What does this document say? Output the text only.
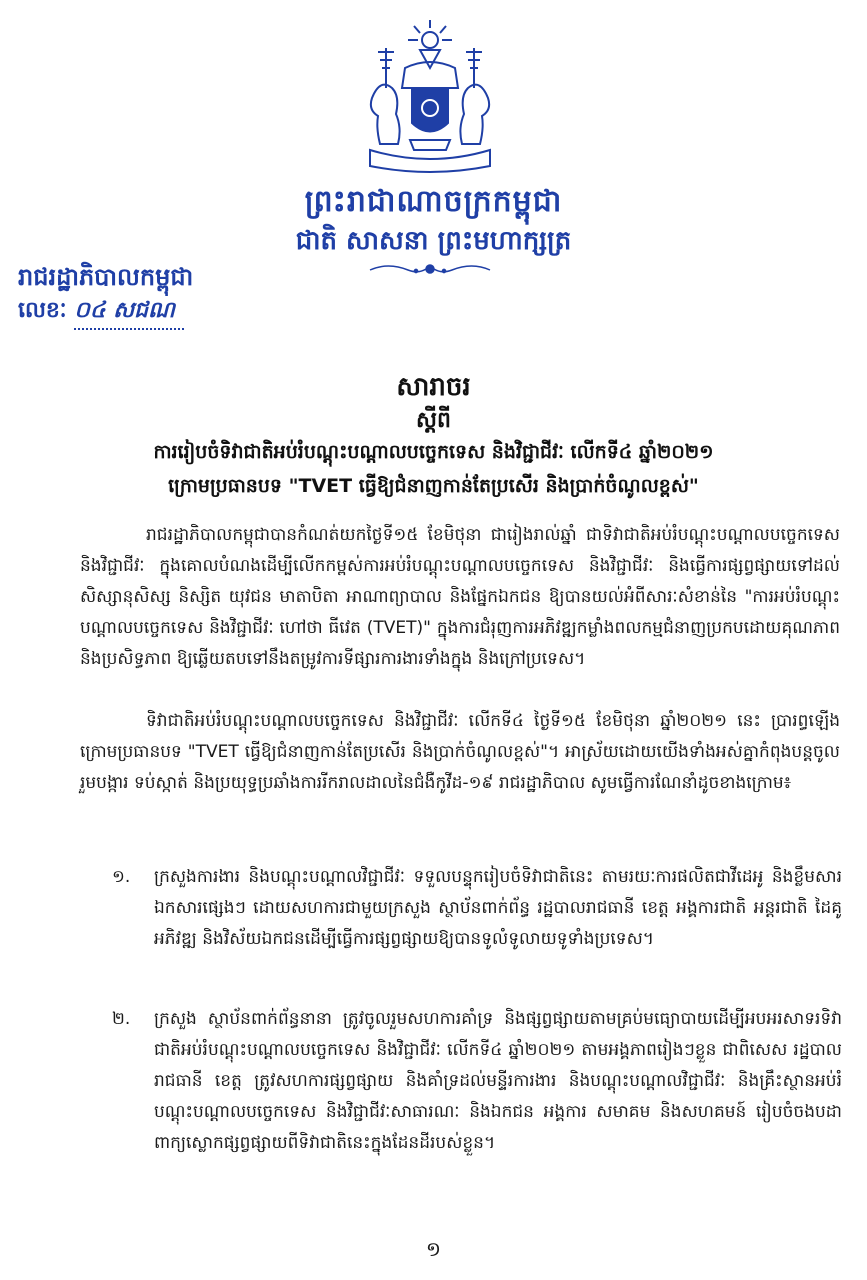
ព្រះរាជាណាចក្រកម្ពុជា
ជាតិ សាសនា ព្រះមហាក្សត្រ
រាជរដ្ឋាភិបាលកម្ពុជា
លេខៈ ០៤ សជណ
សារាចរ
ស្តីពី
ការរៀបចំទិវាជាតិអប់រំបណ្តុះបណ្តាលបច្ចេកទេស និងវិជ្ជាជីវៈ លើកទី៤ ឆ្នាំ២០២១
ក្រោមប្រធានបទ "TVET ធ្វើឱ្យជំនាញកាន់តែប្រសើរ និងប្រាក់ចំណូលខ្ពស់"
រាជរដ្ឋាភិបាលកម្ពុជាបានកំណត់យកថ្ងៃទី១៥ ខែមិថុនា ជារៀងរាល់ឆ្នាំ ជាទិវាជាតិអប់រំបណ្តុះបណ្តាលបច្ចេកទេស និងវិជ្ជាជីវៈ ក្នុងគោលបំណងដើម្បីលើកកម្ពស់ការអប់រំបណ្តុះបណ្តាលបច្ចេកទេស និងវិជ្ជាជីវៈ និងធ្វើការផ្សព្វផ្សាយទៅដល់សិស្សានុសិស្ស និស្សិត យុវជន មាតាបិតា អាណាព្យាបាល និងផ្នែកឯកជន ឱ្យបានយល់អំពីសារៈសំខាន់នៃ "ការអប់រំបណ្តុះបណ្តាលបច្ចេកទេស និងវិជ្ជាជីវៈ ហៅថា ធីវេត (TVET)" ក្នុងការជំរុញការអភិវឌ្ឍកម្លាំងពលកម្មជំនាញប្រកបដោយគុណភាព និងប្រសិទ្ធភាព ឱ្យឆ្លើយតបទៅនឹងតម្រូវការទីផ្សារការងារទាំងក្នុង និងក្រៅប្រទេស។
ទិវាជាតិអប់រំបណ្តុះបណ្តាលបច្ចេកទេស និងវិជ្ជាជីវៈ លើកទី៤ ថ្ងៃទី១៥ ខែមិថុនា ឆ្នាំ២០២១ នេះ ប្រារព្ធឡើងក្រោមប្រធានបទ "TVET ធ្វើឱ្យជំនាញកាន់តែប្រសើរ និងប្រាក់ចំណូលខ្ពស់"។ អាស្រ័យដោយយើងទាំងអស់គ្នាកំពុងបន្តចូលរួមបង្ការ ទប់ស្កាត់ និងប្រយុទ្ធប្រឆាំងការរីករាលដាលនៃជំងឺកូវីដ-១៩ រាជរដ្ឋាភិបាល សូមធ្វើការណែនាំដូចខាងក្រោម៖
១.	ក្រសួងការងារ និងបណ្តុះបណ្តាលវិជ្ជាជីវៈ ទទួលបន្ទុករៀបចំទិវាជាតិនេះ តាមរយៈការផលិតជាវីដេអូ និងខ្លឹមសារឯកសារផ្សេងៗ ដោយសហការជាមួយក្រសួង ស្ថាប័នពាក់ព័ន្ធ រដ្ឋបាលរាជធានី ខេត្ត អង្គការជាតិ អន្តរជាតិ ដៃគូអភិវឌ្ឍ និងវិស័យឯកជនដើម្បីធ្វើការផ្សព្វផ្សាយឱ្យបានទូលំទូលាយទូទាំងប្រទេស។
២.	ក្រសួង ស្ថាប័នពាក់ព័ន្ធនានា ត្រូវចូលរួមសហការគាំទ្រ និងផ្សព្វផ្សាយតាមគ្រប់មធ្យោបាយដើម្បីអបអរសាទរទិវាជាតិអប់រំបណ្តុះបណ្តាលបច្ចេកទេស និងវិជ្ជាជីវៈ លើកទី៤ ឆ្នាំ២០២១ តាមអង្គភាពរៀងៗខ្លួន ជាពិសេស រដ្ឋបាលរាជធានី ខេត្ត ត្រូវសហការផ្សព្វផ្សាយ និងគាំទ្រដល់មន្ទីរការងារ និងបណ្តុះបណ្តាលវិជ្ជាជីវៈ និងគ្រឹះស្ថានអប់រំបណ្តុះបណ្តាលបច្ចេកទេស និងវិជ្ជាជីវៈសាធារណៈ និងឯកជន អង្គការ សមាគម និងសហគមន៍ រៀបចំចងបដា ពាក្យស្លោកផ្សព្វផ្សាយពីទិវាជាតិនេះក្នុងដែនដីរបស់ខ្លួន។
១
